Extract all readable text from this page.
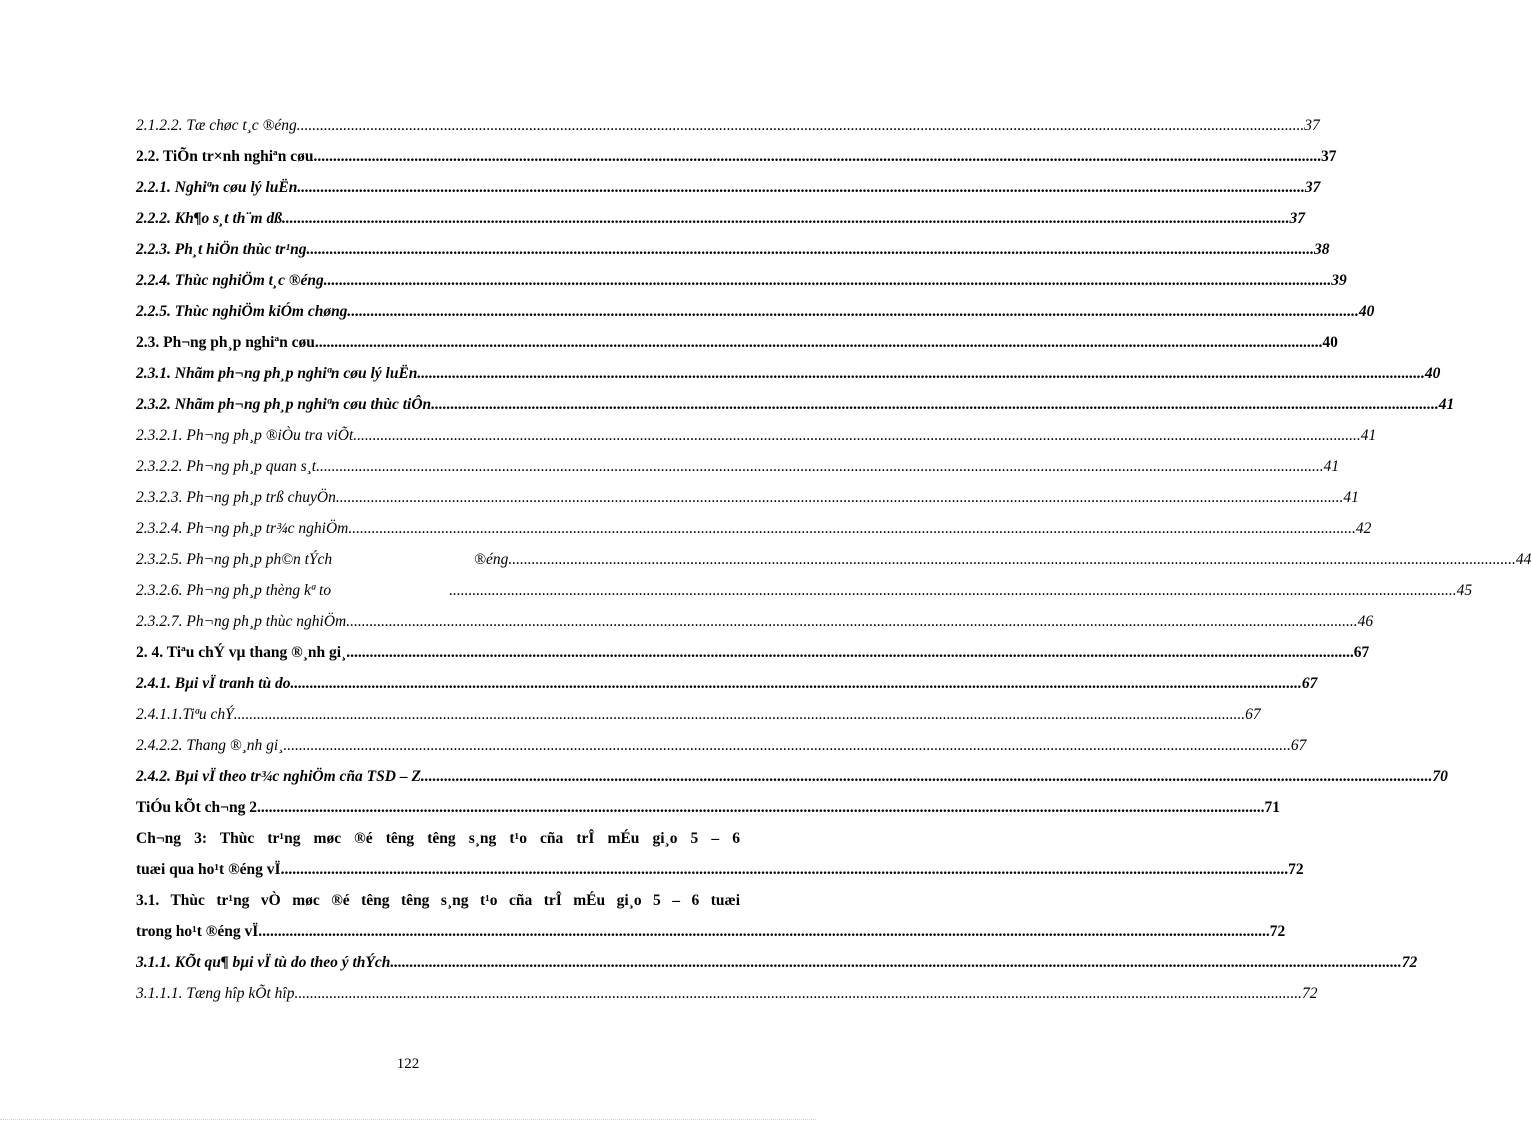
2.1.2.2. Tæ chøc t¸c ®éng .................................................................................................................................................................................................................................................................... 37
2.2. TiÕn tr×nh nghiªn cøu .................................................................................................................................................................................................................................................................... 37
2.2.1. Nghiªn cøu lý luËn .................................................................................................................................................................................................................................................................... 37
2.2.2. Kh¶o s¸t th¨m dß .................................................................................................................................................................................................................................................................... 37
2.2.3. Ph¸t hiÖn thùc tr¹ng .................................................................................................................................................................................................................................................................... 38
2.2.4. Thùc nghiÖm t¸c ®éng .................................................................................................................................................................................................................................................................... 39
2.2.5. Thùc nghiÖm kiÓm chøng. .................................................................................................................................................................................................................................................................... 40
2.3. Ph¬ng ph¸p nghiªn cøu .................................................................................................................................................................................................................................................................... 40
2.3.1. Nhãm ph¬ng ph¸p nghiªn cøu lý luËn .................................................................................................................................................................................................................................................................... 40
2.3.2. Nhãm ph¬ng ph¸p nghiªn cøu thùc tiÔn .................................................................................................................................................................................................................................................................... 41
2.3.2.1. Ph¬ng ph¸p ®iÒu tra viÕt .................................................................................................................................................................................................................................................................... 41
2.3.2.2. Ph¬ng ph¸p quan s¸t .................................................................................................................................................................................................................................................................... 41
2.3.2.3. Ph¬ng ph¸p trß chuyÖn .................................................................................................................................................................................................................................................................... 41
2.3.2.4. Ph¬ng ph¸p tr¾c nghiÖm .................................................................................................................................................................................................................................................................... 42
2.3.2.5. Ph¬ng ph¸p ph©n tÝch	®éng .................................................................................................................................................................................................................................................................... 44
2.3.2.6. Ph¬ng ph¸p thèng kª to	.................................................................................................................................................................................................................................................................... 45
2.3.2.7. Ph¬ng ph¸p thùc nghiÖm. .................................................................................................................................................................................................................................................................... 46
2. 4. Tiªu chÝ vµ thang ®¸nh gi¸ .................................................................................................................................................................................................................................................................... 67
2.4.1. Bµi vÏ tranh tù do. .................................................................................................................................................................................................................................................................... 67
2.4.1.1.Tiªu chÝ. .................................................................................................................................................................................................................................................................... 67
2.4.2.2. Thang ®¸nh gi¸ .................................................................................................................................................................................................................................................................... 67
2.4.2. Bµi vÏ theo tr¾c nghiÖm cña TSD – Z. .................................................................................................................................................................................................................................................................... 70
TiÓu kÕt ch¬ng 2 .................................................................................................................................................................................................................................................................... 71
Ch¬ng 3: Thùc tr¹ng møc ®é têng têng s¸ng t¹o cña trÎ mÉu gi¸o 5 – 6
tuæi qua ho¹t ®éng vÏ .................................................................................................................................................................................................................................................................... 72
3.1. Thùc tr¹ng vÒ møc ®é têng têng s¸ng t¹o cña trÎ mÉu gi¸o 5 – 6 tuæi
trong ho¹t ®éng vÏ. .................................................................................................................................................................................................................................................................... 72
3.1.1. KÕt qu¶ bµi vÏ tù do theo ý thÝch. .................................................................................................................................................................................................................................................................... 72
3.1.1.1. Tæng hîp kÕt hîp .................................................................................................................................................................................................................................................................... 72
122
